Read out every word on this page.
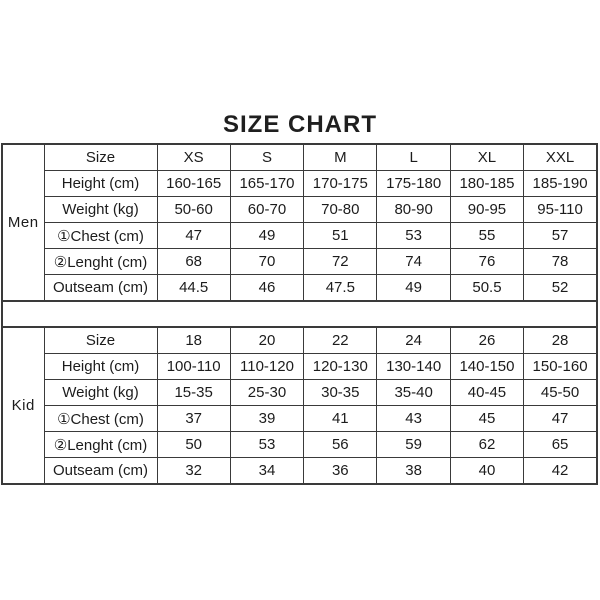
SIZE CHART
Men	Size	XS	S	M	L	XL	XXL
	Height (cm)	160-165	165-170	170-175	175-180	180-185	185-190
	Weight (kg)	50-60	60-70	70-80	80-90	90-95	95-110
	①Chest (cm)	47	49	51	53	55	57
	②Lenght (cm)	68	70	72	74	76	78
	Outseam (cm)	44.5	46	47.5	49	50.5	52
Kid	Size	18	20	22	24	26	28
	Height (cm)	100-110	110-120	120-130	130-140	140-150	150-160
	Weight (kg)	15-35	25-30	30-35	35-40	40-45	45-50
	①Chest (cm)	37	39	41	43	45	47
	②Lenght (cm)	50	53	56	59	62	65
	Outseam (cm)	32	34	36	38	40	42
